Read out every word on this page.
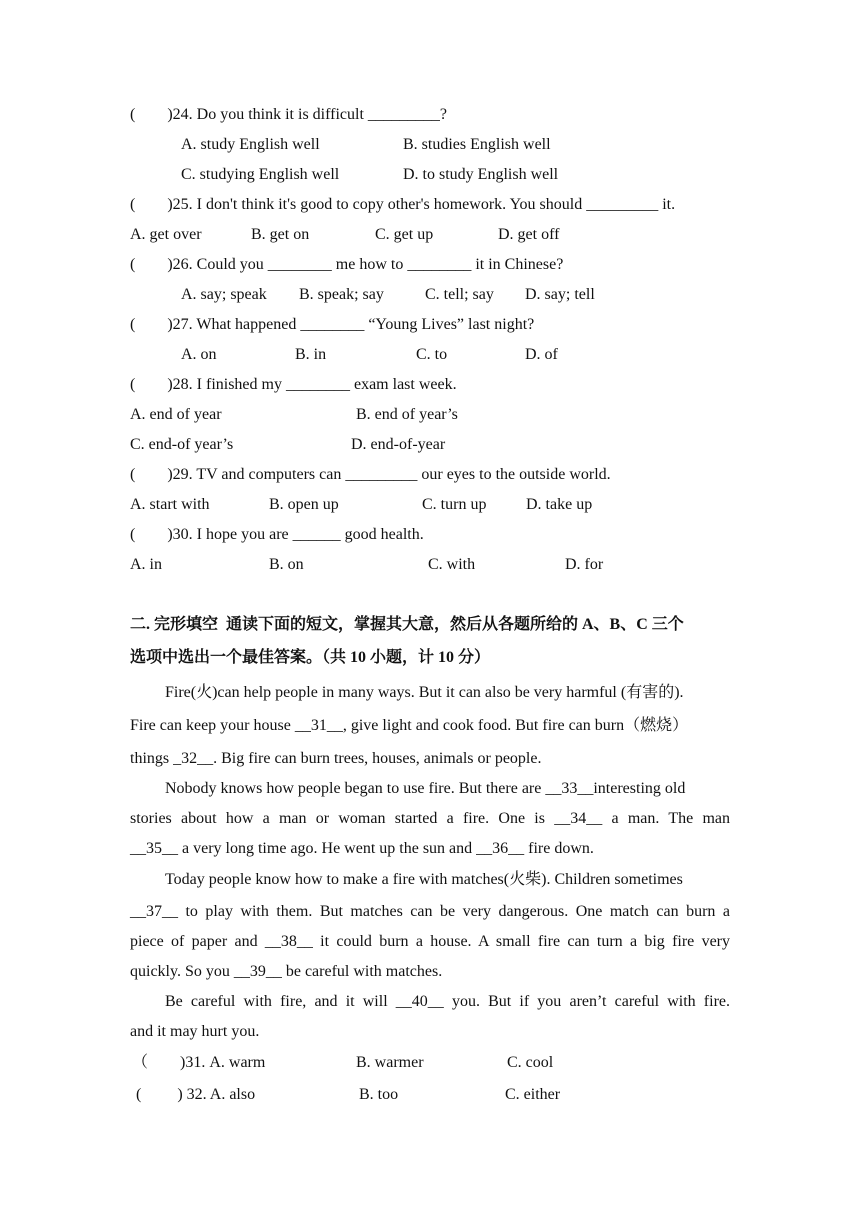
(        )24. Do you think it is difficult _________?
A. study English well	B. studies English well
C. studying English well	D. to study English well
(        )25. I don't think it's good to copy other's homework. You should _________ it.
A. get over	B. get on	C. get up	D. get off
(        )26. Could you ________ me how to ________ it in Chinese?
A. say; speak B. speak; say	C. tell; say D. say; tell
(        )27. What happened ________ “Young Lives” last night?
A. on	B. in	C. to	D. of
(        )28. I finished my ________ exam last week.
A. end of year	B. end of year’s
C. end-of year’s	D. end-of-year
(        )29. TV and computers can _________ our eyes to the outside world.
A. start with	B. open up	C. turn up D. take up
(        )30. I hope you are ______ good health.
A. in	B. on	C. with	D. for
二. 完形填空  通读下面的短文，掌握其大意，然后从各题所给的 A、B、C 三个
选项中选出一个最佳答案。（共 10 小题，计 10 分）
Fire(火)can help people in many ways. But it can also be very harmful (有害的).
Fire can keep your house __31__, give light and cook food. But fire can burn（燃烧）
things _32__. Big fire can burn trees, houses, animals or people.
Nobody knows how people began to use fire. But there are __33__interesting old
stories about how a man or woman started a fire. One is __34__ a man. The man
__35__ a very long time ago. He went up the sun and __36__ fire down.
Today people know how to make a fire with matches(火柴). Children sometimes
__37__ to play with them. But matches can be very dangerous. One match can burn a
piece of paper and __38__ it could burn a house. A small fire can turn a big fire very
quickly. So you __39__ be careful with matches.
Be careful with fire, and it will __40__ you. But if you aren’t careful with fire.
and it may hurt you.
（        )31. A. warm	B. warmer	C. cool
(         ) 32. A. also	B. too	C. either
